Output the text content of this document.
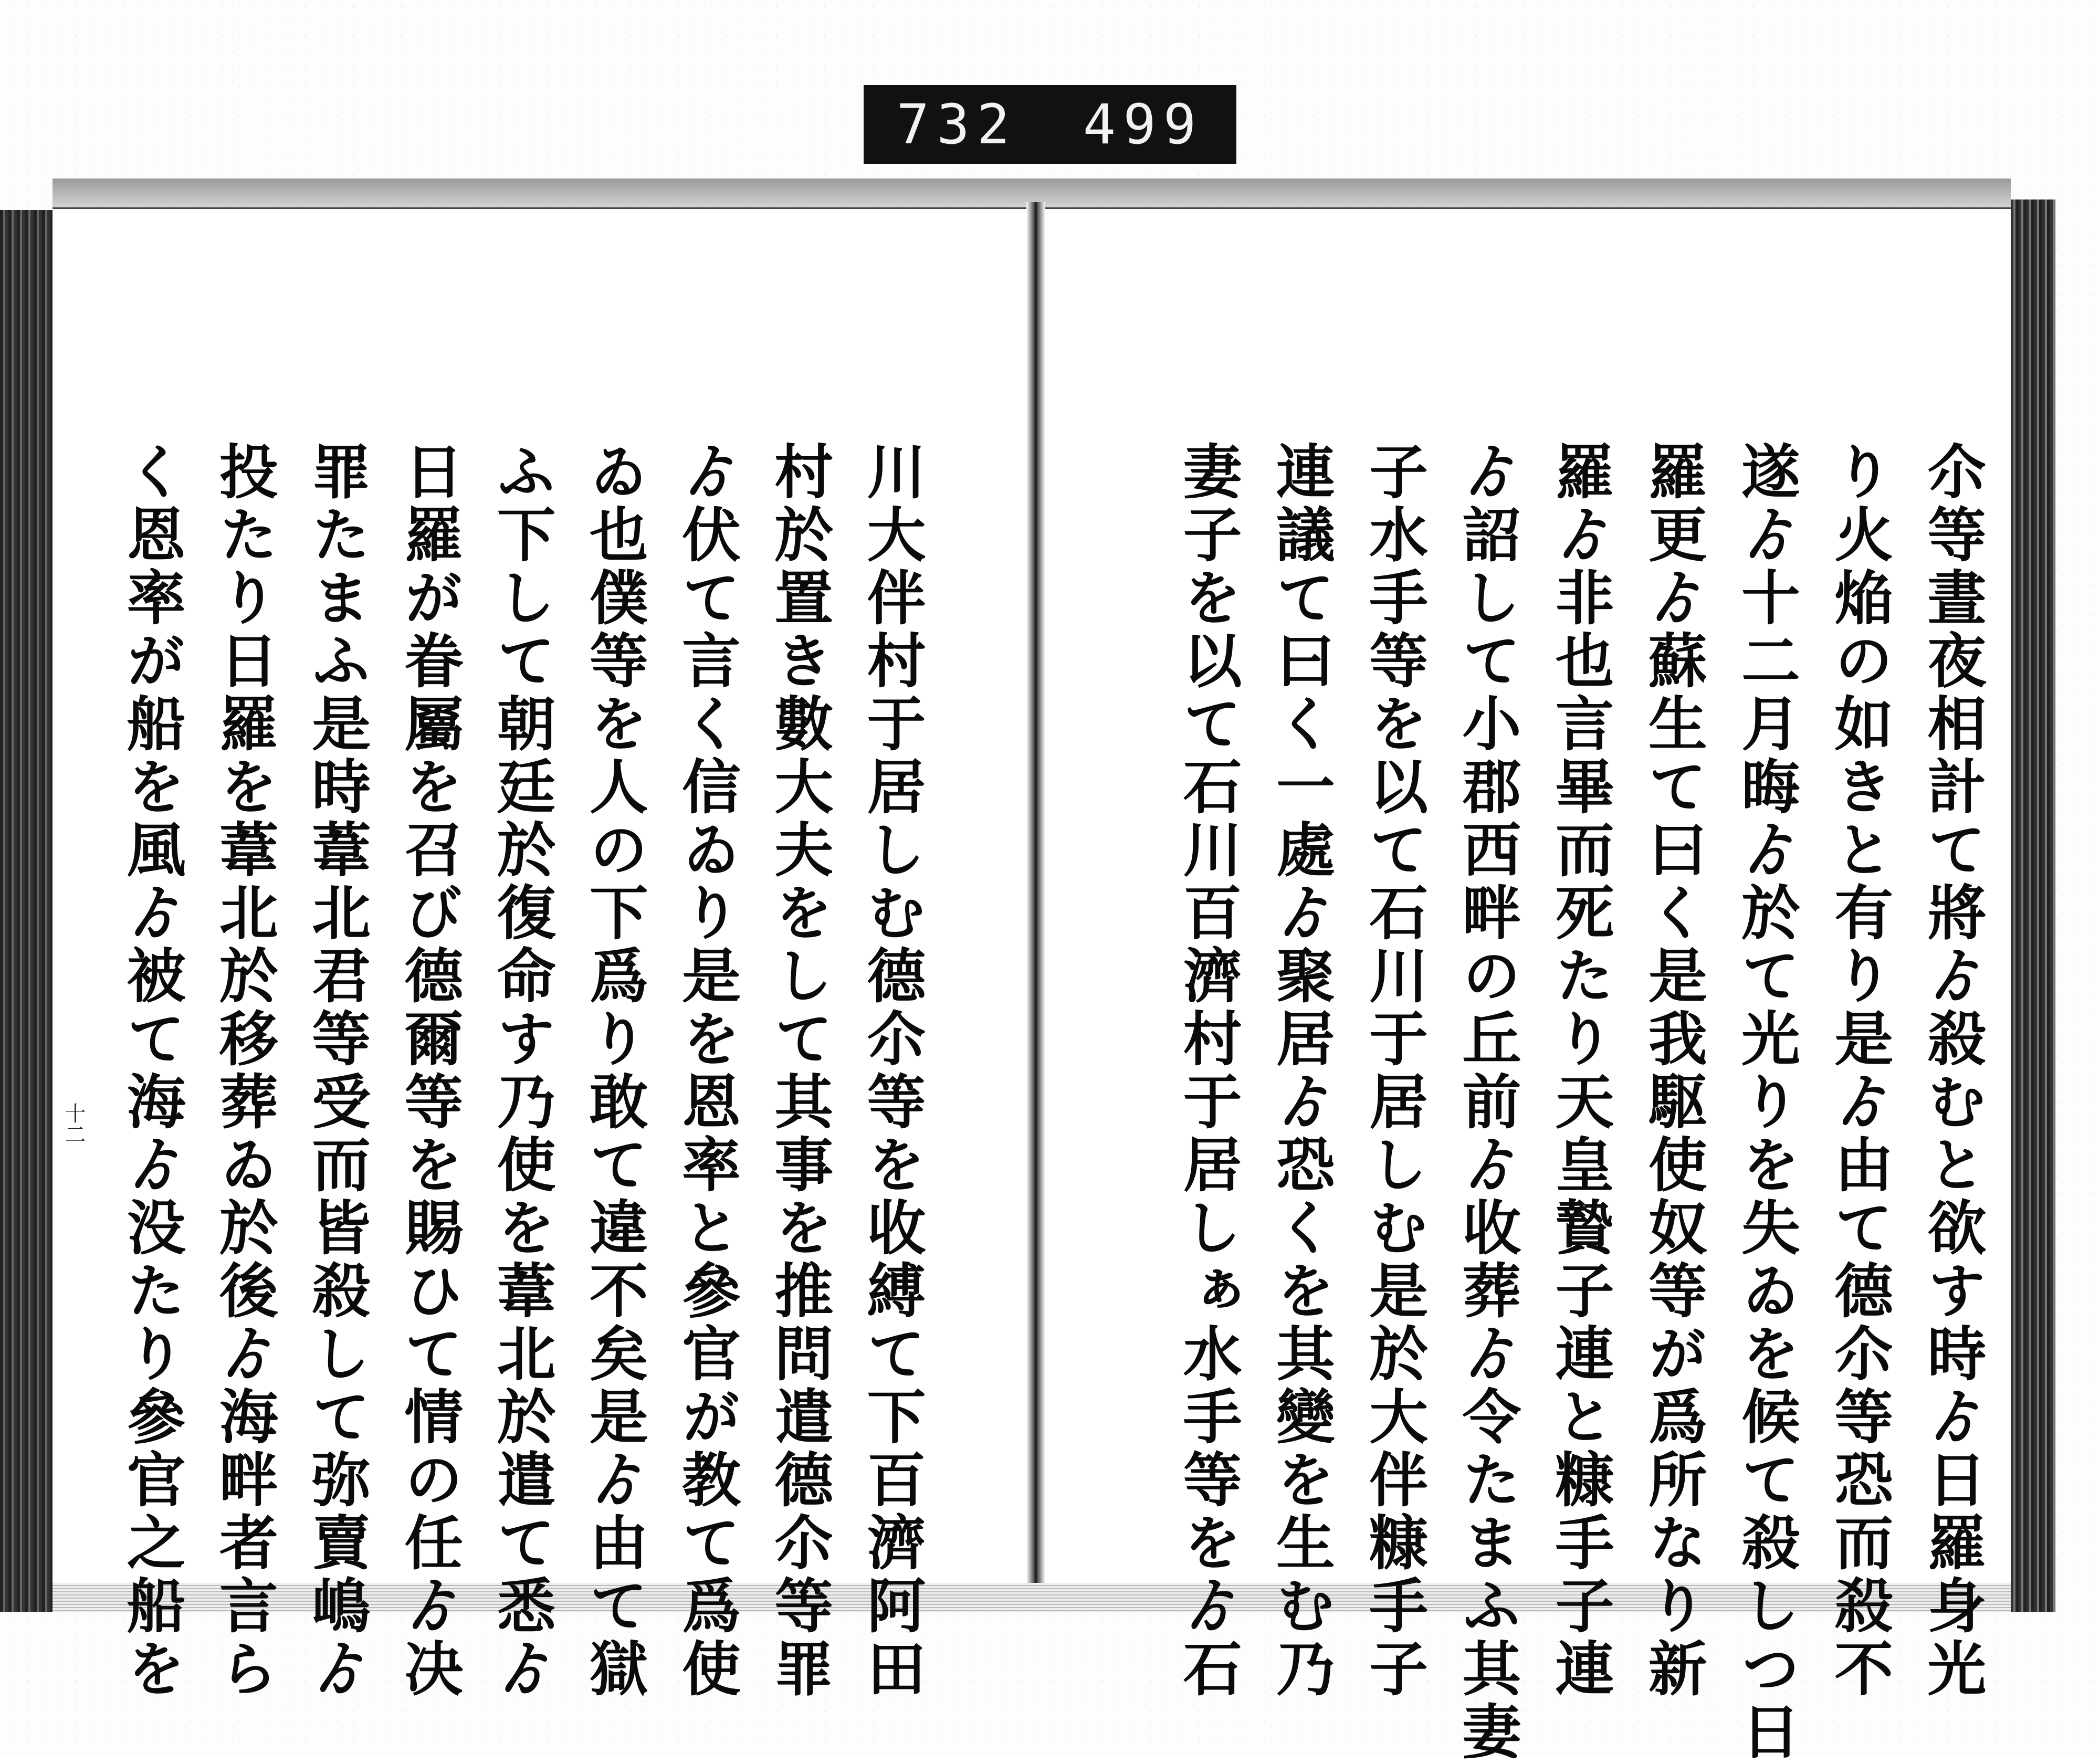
732 499
尒等晝夜相計て將ゟ殺むと欲す時ゟ日羅身光
り火焔の如きと有り是ゟ由て德尒等恐而殺不
遂ゟ十二月晦ゟ於て光りを失ゐを候て殺しつ日
羅更ゟ蘇生て曰く是我駆使奴等が爲所なり新
羅ゟ非也言畢而死たり天皇贄子連と糠手子連
ゟ詔して小郡西畔の丘前ゟ收葬ゟ令たまふ其妻
子水手等を以て石川于居しむ是於大伴糠手子
連議て曰く一處ゟ聚居ゟ恐くを其變を生む乃
妻子を以て石川百濟村于居しぁ水手等をゟ石
川大伴村于居しむ德尒等を收縛て下百濟阿田
村於置き數大夫をして其事を推問遣德尒等罪
ゟ伏て言く信ゐり是を恩率と參官が教て爲使
ゐ也僕等を人の下爲り敢て違不矣是ゟ由て獄
ふ下して朝廷於復命す乃使を葦北於遣て悉ゟ
日羅が眷屬を召び德爾等を賜ひて情の任ゟ决
罪たまふ是時葦北君等受而皆殺して弥賣嶋ゟ
投たり日羅を葦北於移葬ゐ於後ゟ海畔者言ら
く恩率が船を風ゟ被て海ゟ没たり參官之船を
十二
